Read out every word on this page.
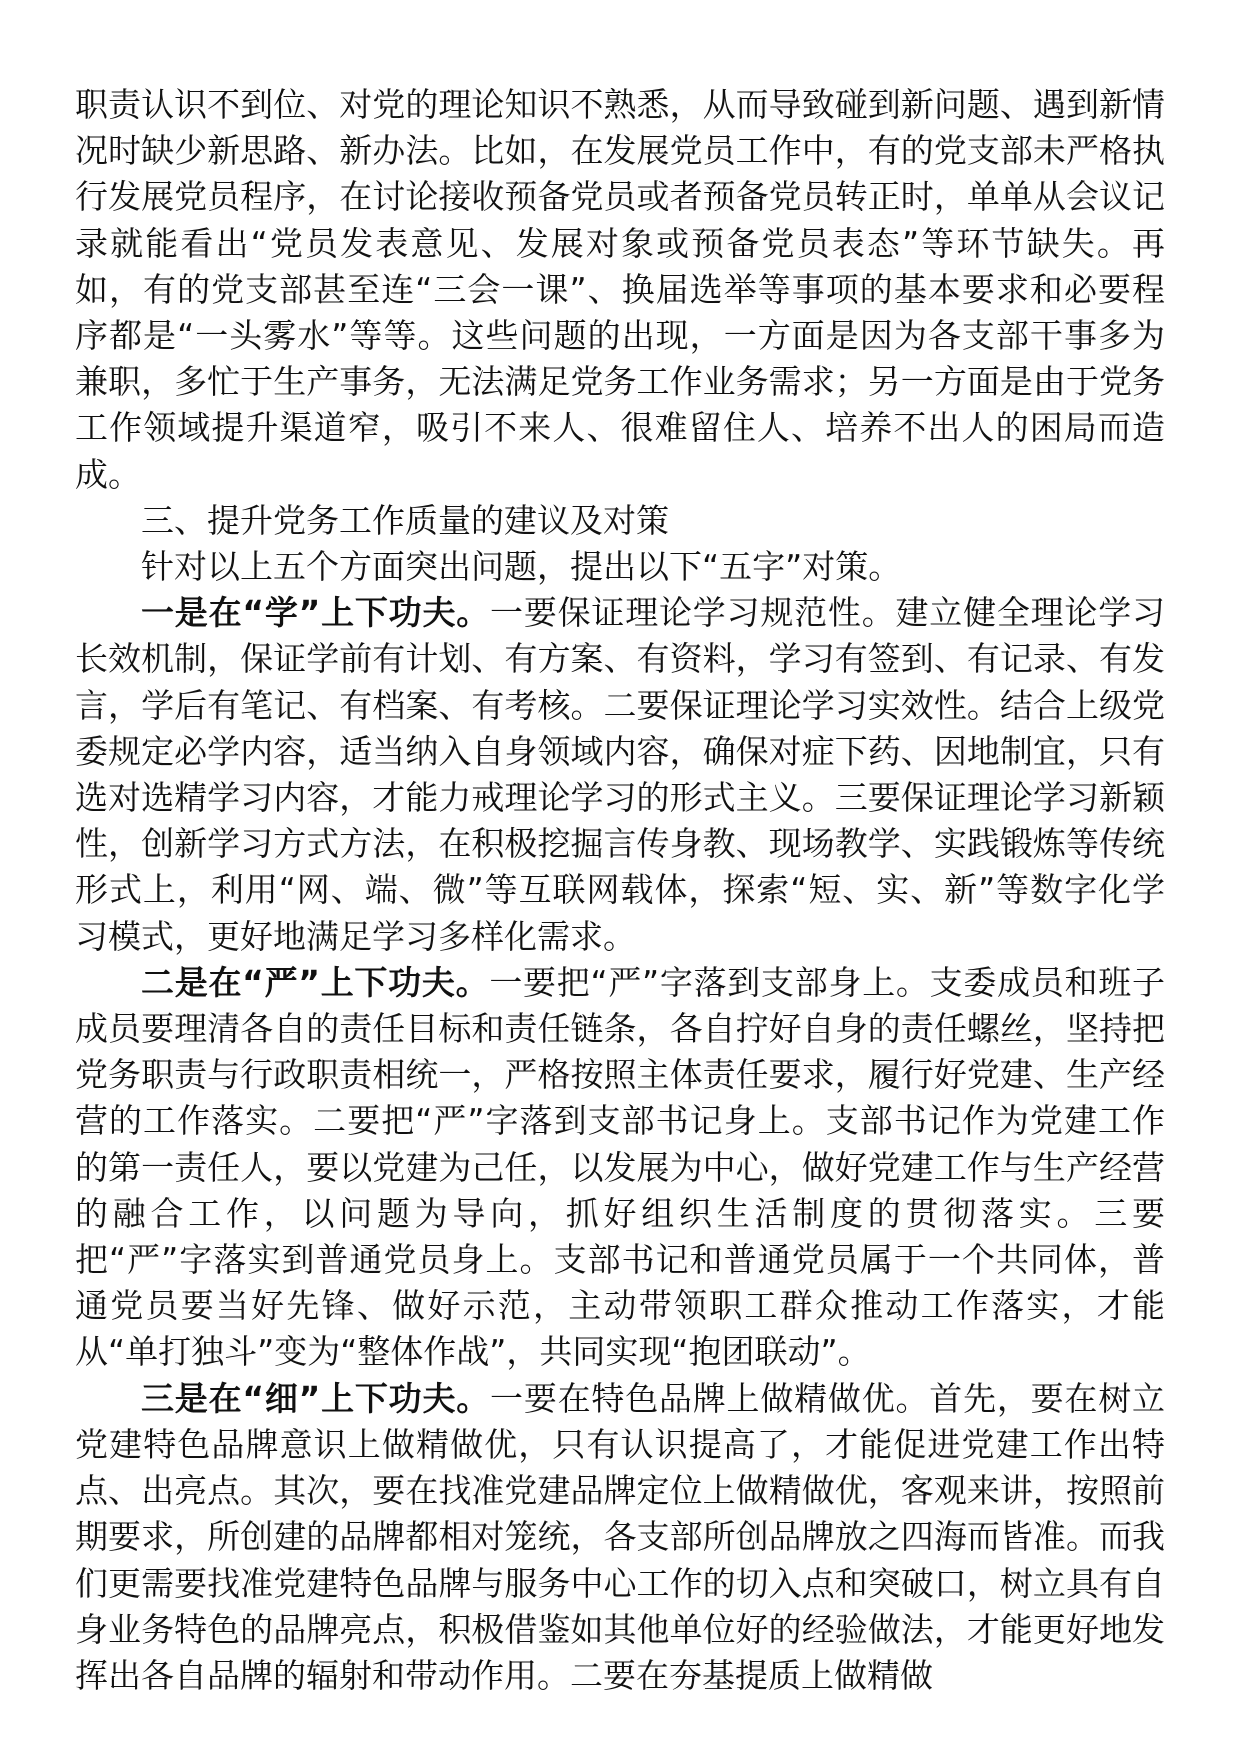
职责认识不到位、对党的理论知识不熟悉，从而导致碰到新问题、遇到新情况时缺少新思路、新办法。比如，在发展党员工作中，有的党支部未严格执行发展党员程序，在讨论接收预备党员或者预备党员转正时，单单从会议记录就能看出“党员发表意见、发展对象或预备党员表态”等环节缺失。再如，有的党支部甚至连“三会一课”、换届选举等事项的基本要求和必要程序都是“一头雾水”等等。这些问题的出现，一方面是因为各支部干事多为兼职，多忙于生产事务，无法满足党务工作业务需求；另一方面是由于党务工作领域提升渠道窄，吸引不来人、很难留住人、培养不出人的困局而造成。

三、提升党务工作质量的建议及对策

针对以上五个方面突出问题，提出以下“五字”对策。

一是在“学”上下功夫。一要保证理论学习规范性。建立健全理论学习长效机制，保证学前有计划、有方案、有资料，学习有签到、有记录、有发言，学后有笔记、有档案、有考核。二要保证理论学习实效性。结合上级党委规定必学内容，适当纳入自身领域内容，确保对症下药、因地制宜，只有选对选精学习内容，才能力戒理论学习的形式主义。三要保证理论学习新颖性，创新学习方式方法，在积极挖掘言传身教、现场教学、实践锻炼等传统形式上，利用“网、端、微”等互联网载体，探索“短、实、新”等数字化学习模式，更好地满足学习多样化需求。

二是在“严”上下功夫。一要把“严”字落到支部身上。支委成员和班子成员要理清各自的责任目标和责任链条，各自拧好自身的责任螺丝，坚持把党务职责与行政职责相统一，严格按照主体责任要求，履行好党建、生产经营的工作落实。二要把“严”字落到支部书记身上。支部书记作为党建工作的第一责任人，要以党建为己任，以发展为中心，做好党建工作与生产经营的融合工作，以问题为导向，抓好组织生活制度的贯彻落实。三要把“严”字落实到普通党员身上。支部书记和普通党员属于一个共同体，普通党员要当好先锋、做好示范，主动带领职工群众推动工作落实，才能从“单打独斗”变为“整体作战”，共同实现“抱团联动”。

三是在“细”上下功夫。一要在特色品牌上做精做优。首先，要在树立党建特色品牌意识上做精做优，只有认识提高了，才能促进党建工作出特点、出亮点。其次，要在找准党建品牌定位上做精做优，客观来讲，按照前期要求，所创建的品牌都相对笼统，各支部所创品牌放之四海而皆准。而我们更需要找准党建特色品牌与服务中心工作的切入点和突破口，树立具有自身业务特色的品牌亮点，积极借鉴如其他单位好的经验做法，才能更好地发挥出各自品牌的辐射和带动作用。二要在夯基提质上做精做
